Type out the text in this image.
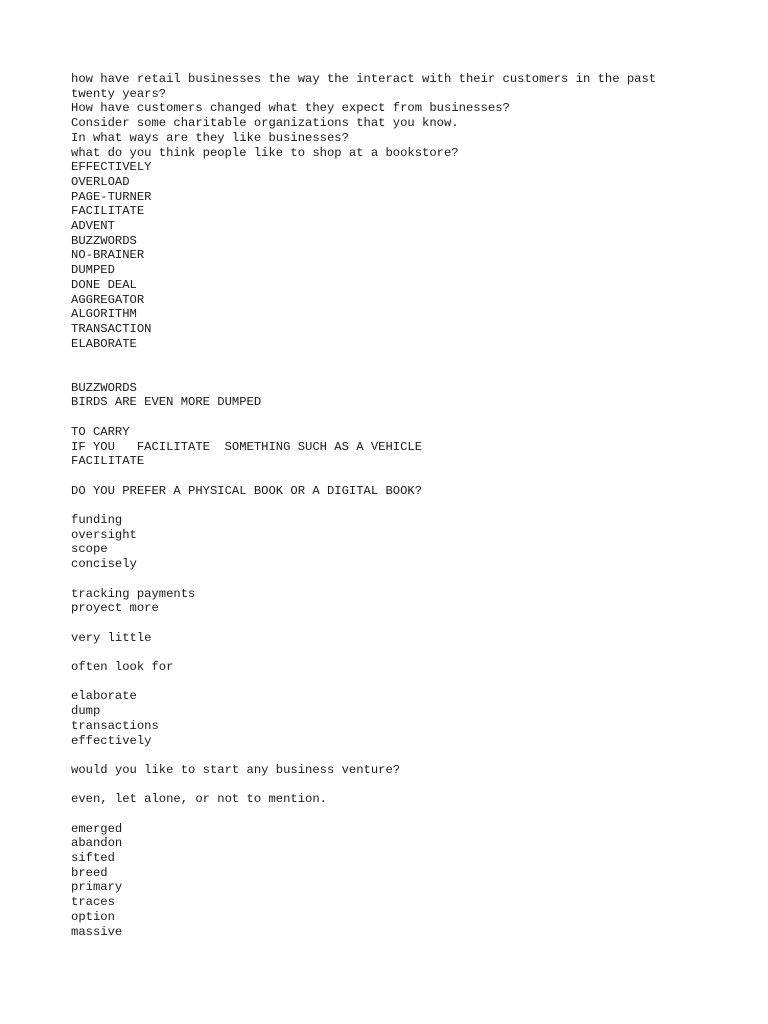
how have retail businesses the way the interact with their customers in the past
twenty years?
How have customers changed what they expect from businesses?
Consider some charitable organizations that you know.
In what ways are they like businesses?
what do you think people like to shop at a bookstore?
EFFECTIVELY
OVERLOAD
PAGE-TURNER
FACILITATE
ADVENT
BUZZWORDS
NO-BRAINER
DUMPED
DONE DEAL
AGGREGATOR
ALGORITHM
TRANSACTION
ELABORATE
BUZZWORDS
BIRDS ARE EVEN MORE DUMPED
TO CARRY
IF YOU   FACILITATE  SOMETHING SUCH AS A VEHICLE
FACILITATE
DO YOU PREFER A PHYSICAL BOOK OR A DIGITAL BOOK?
funding
oversight
scope
concisely
tracking payments
proyect more
very little
often look for
elaborate
dump
transactions
effectively
would you like to start any business venture?
even, let alone, or not to mention.
emerged
abandon
sifted
breed
primary
traces
option
massive
